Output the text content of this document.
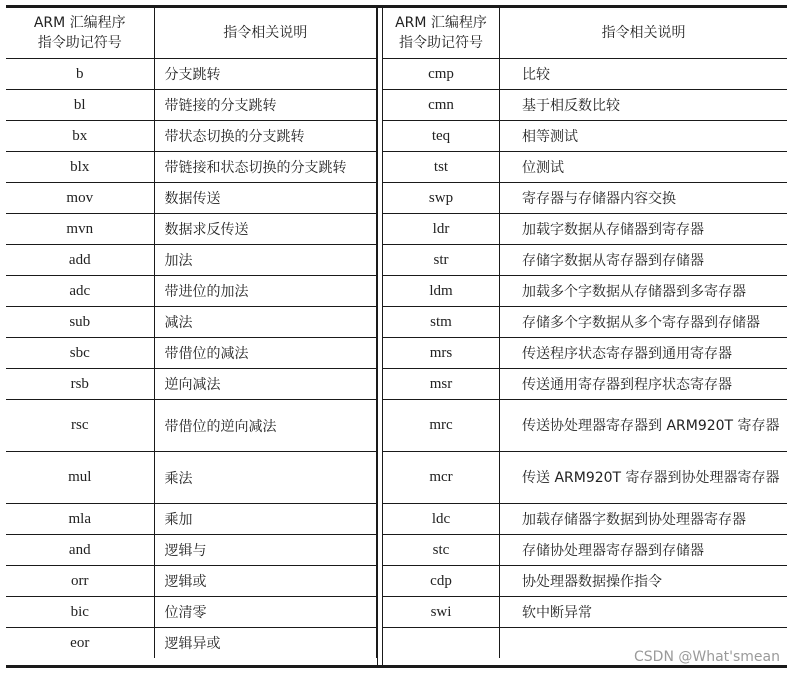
ARM 汇编程序
指令助记符号	指令相关说明
b	分支跳转
bl	带链接的分支跳转
bx	带状态切换的分支跳转
blx	带链接和状态切换的分支跳转
mov	数据传送
mvn	数据求反传送
add	加法
adc	带进位的加法
sub	减法
sbc	带借位的减法
rsb	逆向减法
rsc	带借位的逆向减法
mul	乘法
mla	乘加
and	逻辑与
orr	逻辑或
bic	位清零
eor	逻辑异或
ARM 汇编程序
指令助记符号	指令相关说明
cmp	比较
cmn	基于相反数比较
teq	相等测试
tst	位测试
swp	寄存器与存储器内容交换
ldr	加载字数据从存储器到寄存器
str	存储字数据从寄存器到存储器
ldm	加载多个字数据从存储器到多寄存器
stm	存储多个字数据从多个寄存器到存储器
mrs	传送程序状态寄存器到通用寄存器
msr	传送通用寄存器到程序状态寄存器
mrc	传送协处理器寄存器到 ARM920T 寄存器
mcr	传送 ARM920T 寄存器到协处理器寄存器
ldc	加载存储器字数据到协处理器寄存器
stc	存储协处理器寄存器到存储器
cdp	协处理器数据操作指令
swi	软中断异常

CSDN @What'smean
